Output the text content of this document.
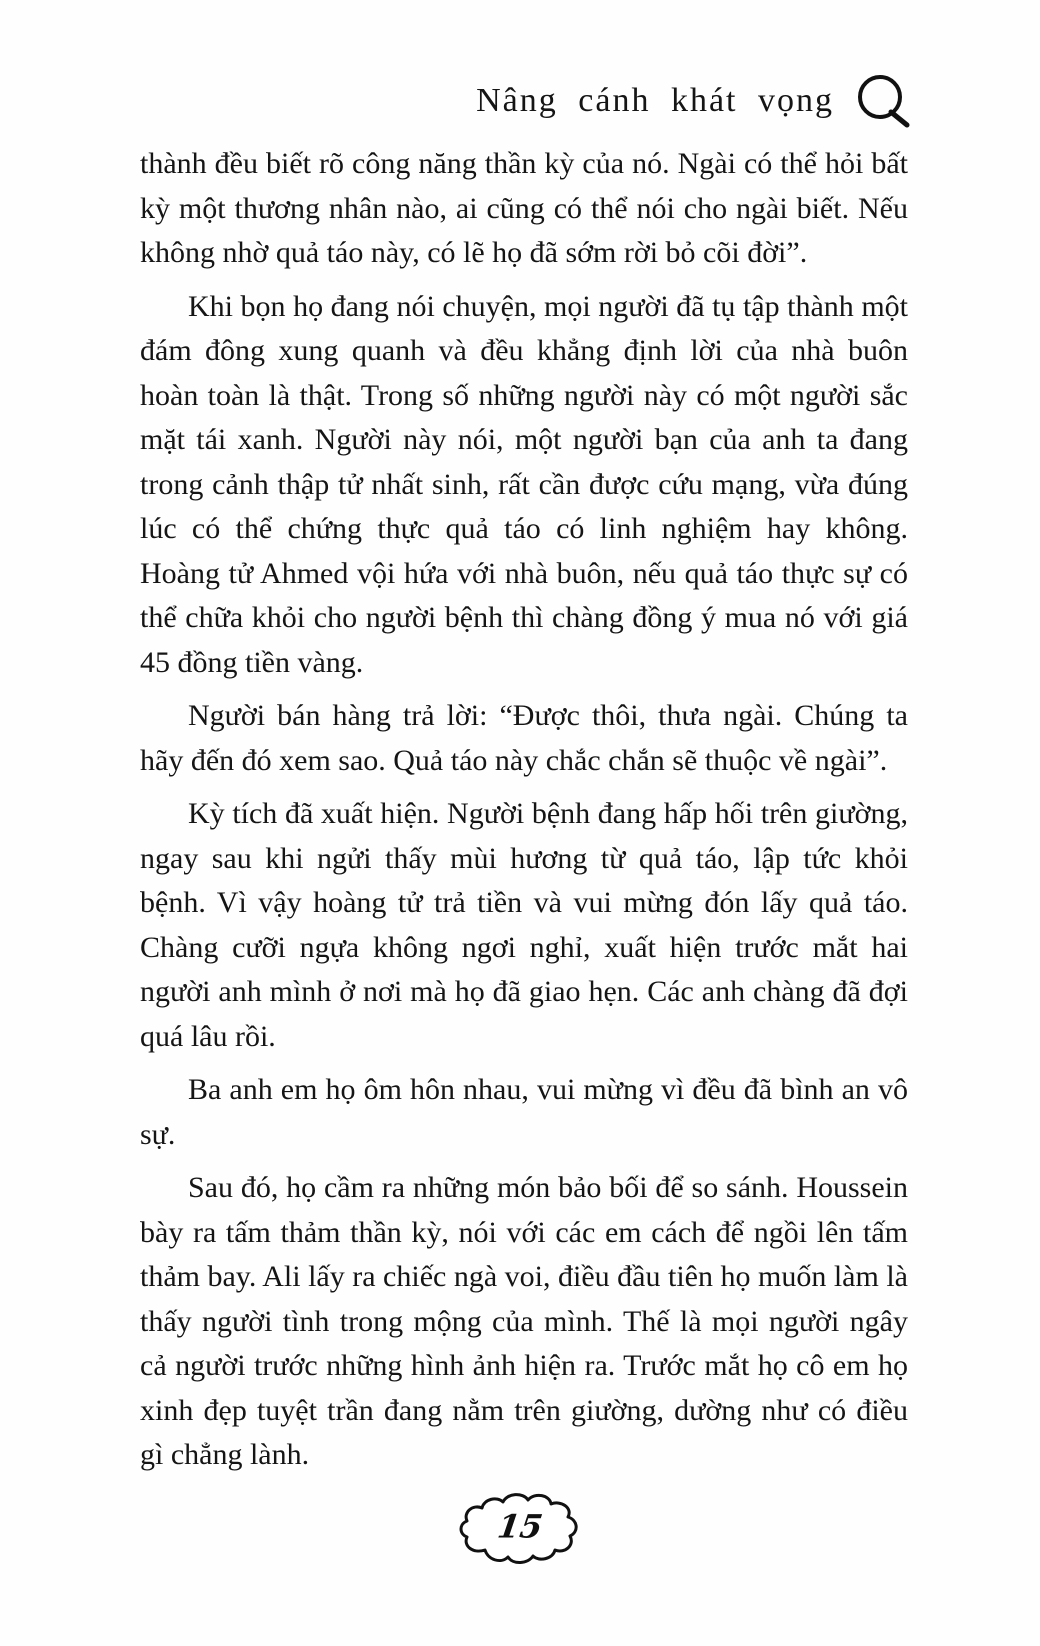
Nâng cánh khát vọng

thành đều biết rõ công năng thần kỳ của nó. Ngài có thể hỏi bất kỳ một thương nhân nào, ai cũng có thể nói cho ngài biết. Nếu không nhờ quả táo này, có lẽ họ đã sớm rời bỏ cõi đời”.

Khi bọn họ đang nói chuyện, mọi người đã tụ tập thành một đám đông xung quanh và đều khẳng định lời của nhà buôn hoàn toàn là thật. Trong số những người này có một người sắc mặt tái xanh. Người này nói, một người bạn của anh ta đang trong cảnh thập tử nhất sinh, rất cần được cứu mạng, vừa đúng lúc có thể chứng thực quả táo có linh nghiệm hay không. Hoàng tử Ahmed vội hứa với nhà buôn, nếu quả táo thực sự có thể chữa khỏi cho người bệnh thì chàng đồng ý mua nó với giá 45 đồng tiền vàng.

Người bán hàng trả lời: “Được thôi, thưa ngài. Chúng ta hãy đến đó xem sao. Quả táo này chắc chắn sẽ thuộc về ngài”.

Kỳ tích đã xuất hiện. Người bệnh đang hấp hối trên giường, ngay sau khi ngửi thấy mùi hương từ quả táo, lập tức khỏi bệnh. Vì vậy hoàng tử trả tiền và vui mừng đón lấy quả táo. Chàng cưỡi ngựa không ngơi nghỉ, xuất hiện trước mắt hai người anh mình ở nơi mà họ đã giao hẹn. Các anh chàng đã đợi quá lâu rồi.

Ba anh em họ ôm hôn nhau, vui mừng vì đều đã bình an vô sự.

Sau đó, họ cầm ra những món bảo bối để so sánh. Houssein bày ra tấm thảm thần kỳ, nói với các em cách để ngồi lên tấm thảm bay. Ali lấy ra chiếc ngà voi, điều đầu tiên họ muốn làm là thấy người tình trong mộng của mình. Thế là mọi người ngây cả người trước những hình ảnh hiện ra. Trước mắt họ cô em họ xinh đẹp tuyệt trần đang nằm trên giường, dường như có điều gì chẳng lành.

15
